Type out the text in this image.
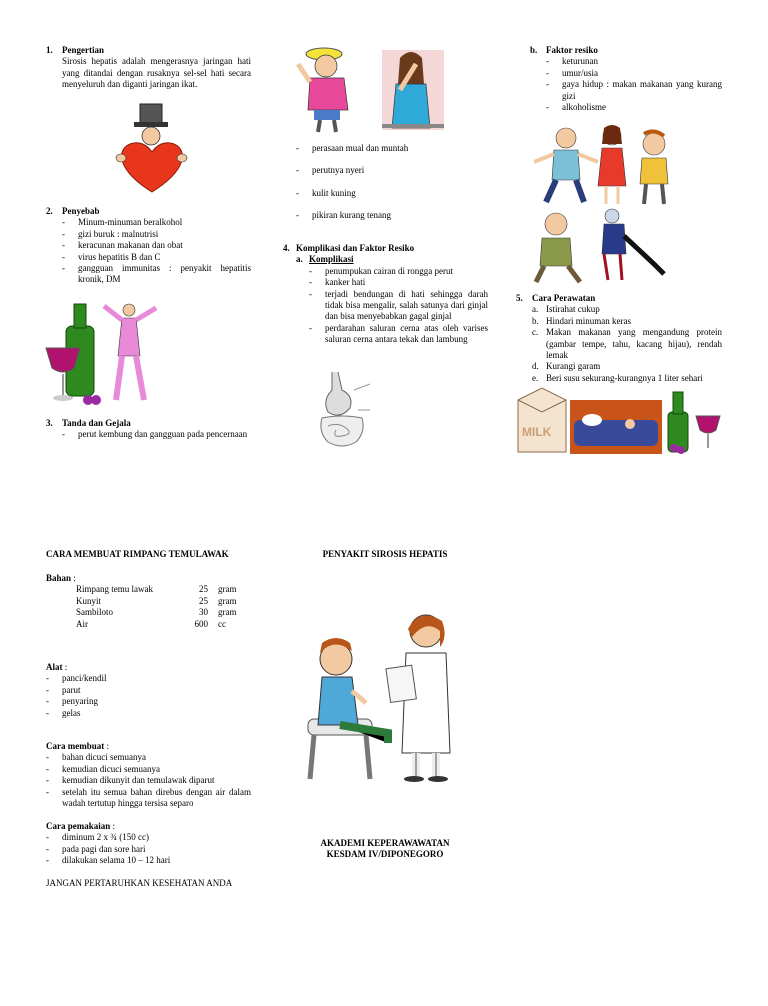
1. Pengertian
Sirosis hepatis adalah mengerasnya jaringan hati yang ditandai dengan rusaknya sel-sel hati secara menyeluruh dan diganti jaringan ikat.
2. Penyebab
- Minum-minuman beralkohol
- gizi buruk : malnutrisi
- keracunan makanan dan obat
- virus hepatitis B dan C
- gangguan immunitas : penyakit hepatitis kronik, DM
3. Tanda dan Gejala
- perut kembung dan gangguan pada pencernaan
- perasaan mual dan muntah
- perutnya nyeri
- kulit kuning
- pikiran kurang tenang
4. Komplikasi dan Faktor Resiko
a. Komplikasi
- penumpukan cairan di rongga perut
- kanker hati
- terjadi bendungan di hati sehingga darah tidak bisa mengalir, salah satunya dari ginjal dan bisa menyebabkan gagal ginjal
- perdarahan saluran cerna atas oleh varises saluran cerna antara tekak dan lambung
b. Faktor resiko
- keturunan
- umur/usia
- gaya hidup : makan makanan yang kurang gizi
- alkoholisme
5. Cara Perawatan
a. Istirahat cukup
b. Hindari minuman keras
c. Makan makanan yang mengandung protein (gambar tempe, tahu, kacang hijau), rendah lemak
d. Kurangi garam
e. Beri susu sekurang-kurangnya 1 liter sehari
MILK
CARA MEMBUAT RIMPANG TEMULAWAK
Bahan :
Rimpang temu lawak	25	gram
Kunyit	25	gram
Sambiloto	30	gram
Air	600	cc
Alat :
- panci/kendil
- parut
- penyaring
- gelas
Cara membuat :
- bahan dicuci semuanya
- kemudian dicuci semuanya
- kemudian dikunyit dan temulawak diparut
- setelah itu semua bahan direbus dengan air dalam wadah tertutup hingga tersisa separo
Cara pemakaian :
- diminum 2 x ¾ (150 cc)
- pada pagi dan sore hari
- dilakukan selama 10 – 12 hari
JANGAN PERTARUHKAN KESEHATAN ANDA
PENYAKIT SIROSIS HEPATIS
AKADEMI KEPERAWAWATAN
KESDAM IV/DIPONEGORO
